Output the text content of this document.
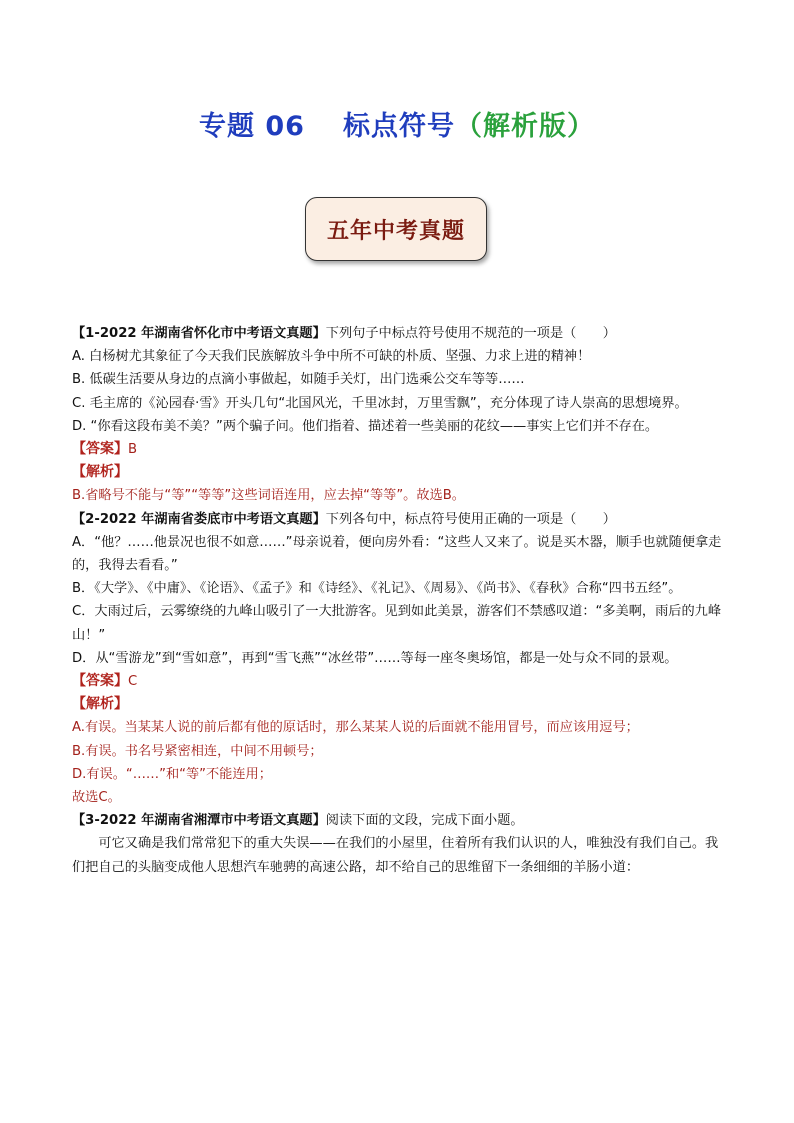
专题 06 标点符号（解析版）
五年中考真题
【1-2022 年湖南省怀化市中考语文真题】下列句子中标点符号使用不规范的一项是（　　）
A. 白杨树尤其象征了今天我们民族解放斗争中所不可缺的朴质、坚强、力求上进的精神！
B. 低碳生活要从身边的点滴小事做起，如随手关灯，出门选乘公交车等等……
C. 毛主席的《沁园春·雪》开头几句“北国风光，千里冰封，万里雪飘”，充分体现了诗人崇高的思想境界。
D. “你看这段布美不美？”两个骗子问。他们指着、描述着一些美丽的花纹——事实上它们并不存在。
【答案】B
【解析】
B.省略号不能与“等”“等等”这些词语连用，应去掉“等等”。故选B。
【2-2022 年湖南省娄底市中考语文真题】下列各句中，标点符号使用正确的一项是（　　）
A．“他？……他景况也很不如意……”母亲说着，便向房外看：“这些人又来了。说是买木器，顺手也就随便拿走的，我得去看看。”
B．《大学》、《中庸》、《论语》、《孟子》和《诗经》、《礼记》、《周易》、《尚书》、《春秋》合称“四书五经”。
C．大雨过后，云雾缭绕的九峰山吸引了一大批游客。见到如此美景，游客们不禁感叹道：“多美啊，雨后的九峰山！”
D．从“雪游龙”到“雪如意”，再到“雪飞燕”“冰丝带”……等每一座冬奥场馆，都是一处与众不同的景观。
【答案】C
【解析】
A.有误。当某某人说的前后都有他的原话时，那么某某人说的后面就不能用冒号，而应该用逗号；
B.有误。书名号紧密相连，中间不用顿号；
D.有误。“……”和“等”不能连用；
故选C。
【3-2022 年湖南省湘潭市中考语文真题】阅读下面的文段，完成下面小题。
可它又确是我们常常犯下的重大失误——在我们的小屋里，住着所有我们认识的人，唯独没有我们自己。我们把自己的头脑变成他人思想汽车驰骋的高速公路，却不给自己的思维留下一条细细的羊肠小道：
